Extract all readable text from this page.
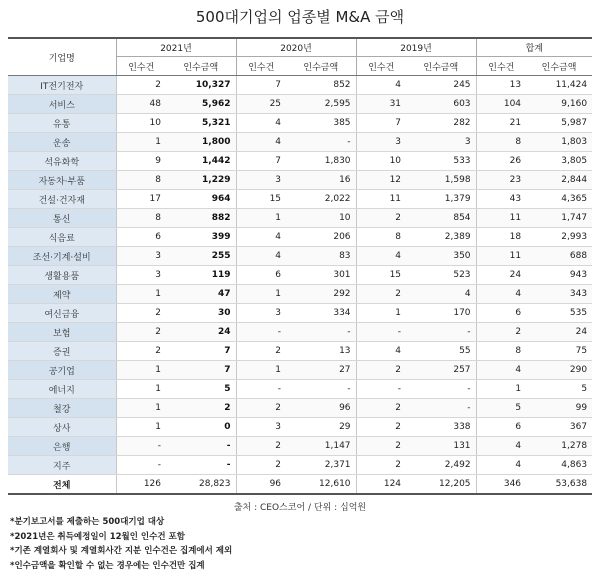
500대기업의 업종별 M&A 금액
기업명	2021년		2020년		2019년		합계	
	인수건	인수금액	인수건	인수금액	인수건	인수금액	인수건	인수금액
IT전기전자	2	10,327	7	852	4	245	13	11,424
서비스	48	5,962	25	2,595	31	603	104	9,160
유통	10	5,321	4	385	7	282	21	5,987
운송	1	1,800	4	-	3	3	8	1,803
석유화학	9	1,442	7	1,830	10	533	26	3,805
자동차·부품	8	1,229	3	16	12	1,598	23	2,844
건설·건자재	17	964	15	2,022	11	1,379	43	4,365
통신	8	882	1	10	2	854	11	1,747
식음료	6	399	4	206	8	2,389	18	2,993
조선·기계·설비	3	255	4	83	4	350	11	688
생활용품	3	119	6	301	15	523	24	943
제약	1	47	1	292	2	4	4	343
여신금융	2	30	3	334	1	170	6	535
보험	2	24	-	-	-	-	2	24
증권	2	7	2	13	4	55	8	75
공기업	1	7	1	27	2	257	4	290
에너지	1	5	-	-	-	-	1	5
철강	1	2	2	96	2	-	5	99
상사	1	0	3	29	2	338	6	367
은행	-	-	2	1,147	2	131	4	1,278
지주	-	-	2	2,371	2	2,492	4	4,863
전체	126	28,823	96	12,610	124	12,205	346	53,638
출처 : CEO스코어 / 단위 : 십억원
*분기보고서를 제출하는 500대기업 대상
*2021년은 취득예정일이 12월인 인수건 포함
*기존 계열회사 및 계열회사간 지분 인수건은 집계에서 제외
*인수금액을 확인할 수 없는 경우에는 인수건만 집계
